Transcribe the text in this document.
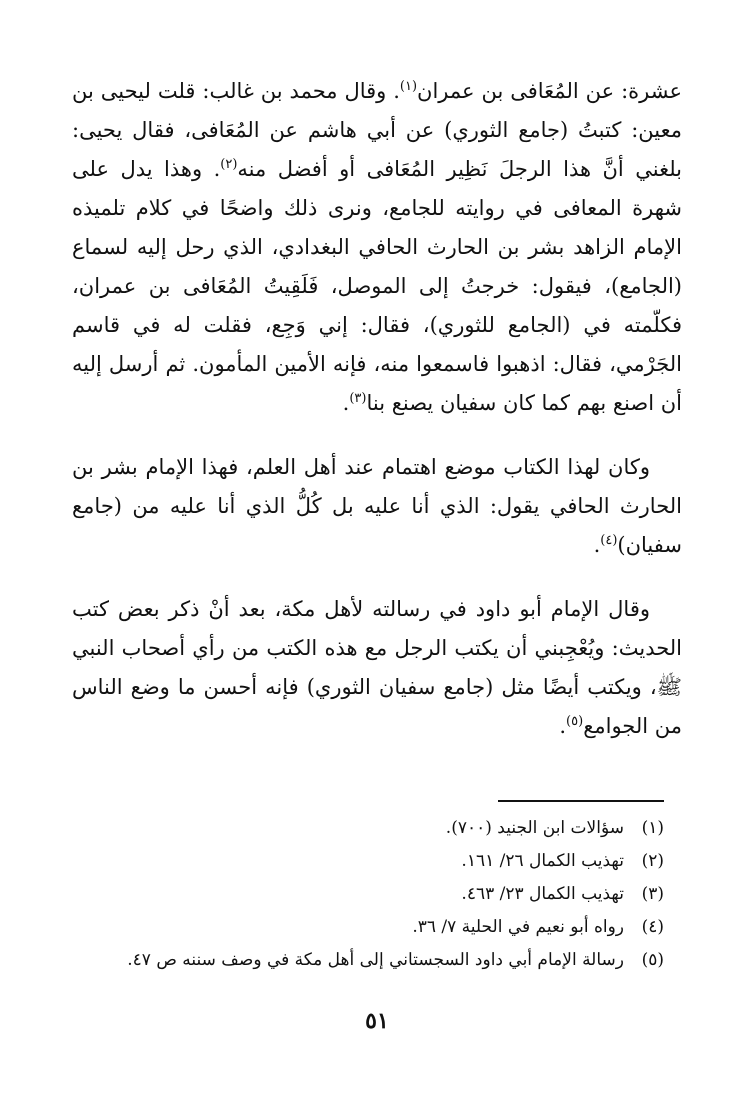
عشرة: عن المُعَافى بن عمران$^{(١)}$. وقال محمد بن غالب: قلت ليحيى بن معين: كتبتُ (جامع الثوري) عن أبي هاشم عن المُعَافى، فقال يحيى: بلغني أنَّ هذا الرجلَ نَظِير المُعَافى أو أفضل منه$^{(٢)}$. وهذا يدل على شهرة المعافى في روايته للجامع، ونرى ذلك واضحًا في كلام تلميذه الإمام الزاهد بشر بن الحارث الحافي البغدادي، الذي رحل إليه لسماع (الجامع)، فيقول: خرجتُ إلى الموصل، فَلَقِيتُ المُعَافى بن عمران، فكلّمته في (الجامع للثوري)، فقال: إني وَجِع، فقلت له في قاسم الجَرْمي، فقال: اذهبوا فاسمعوا منه، فإنه الأمين المأمون. ثم أرسل إليه أن اصنع بهم كما كان سفيان يصنع بنا$^{(٣)}$.

وكان لهذا الكتاب موضع اهتمام عند أهل العلم، فهذا الإمام بشر بن الحارث الحافي يقول: الذي أنا عليه بل كُلُّ الذي أنا عليه من (جامع سفيان)$^{(٤)}$.

وقال الإمام أبو داود في رسالته لأهل مكة، بعد أنْ ذكر بعض كتب الحديث: ويُعْجِبني أن يكتب الرجل مع هذه الكتب من رأي أصحاب النبي ﷺ، ويكتب أيضًا مثل (جامع سفيان الثوري) فإنه أحسن ما وضع الناس من الجوامع$^{(٥)}$.

(١)
سؤالات ابن الجنيد (٧٠٠).
(٢)
تهذيب الكمال ٢٦/ ١٦١.
(٣)
تهذيب الكمال ٢٣/ ٤٦٣.
(٤)
رواه أبو نعيم في الحلية ٧/ ٣٦.
(٥)
رسالة الإمام أبي داود السجستاني إلى أهل مكة في وصف سننه ص ٤٧.
٥١
